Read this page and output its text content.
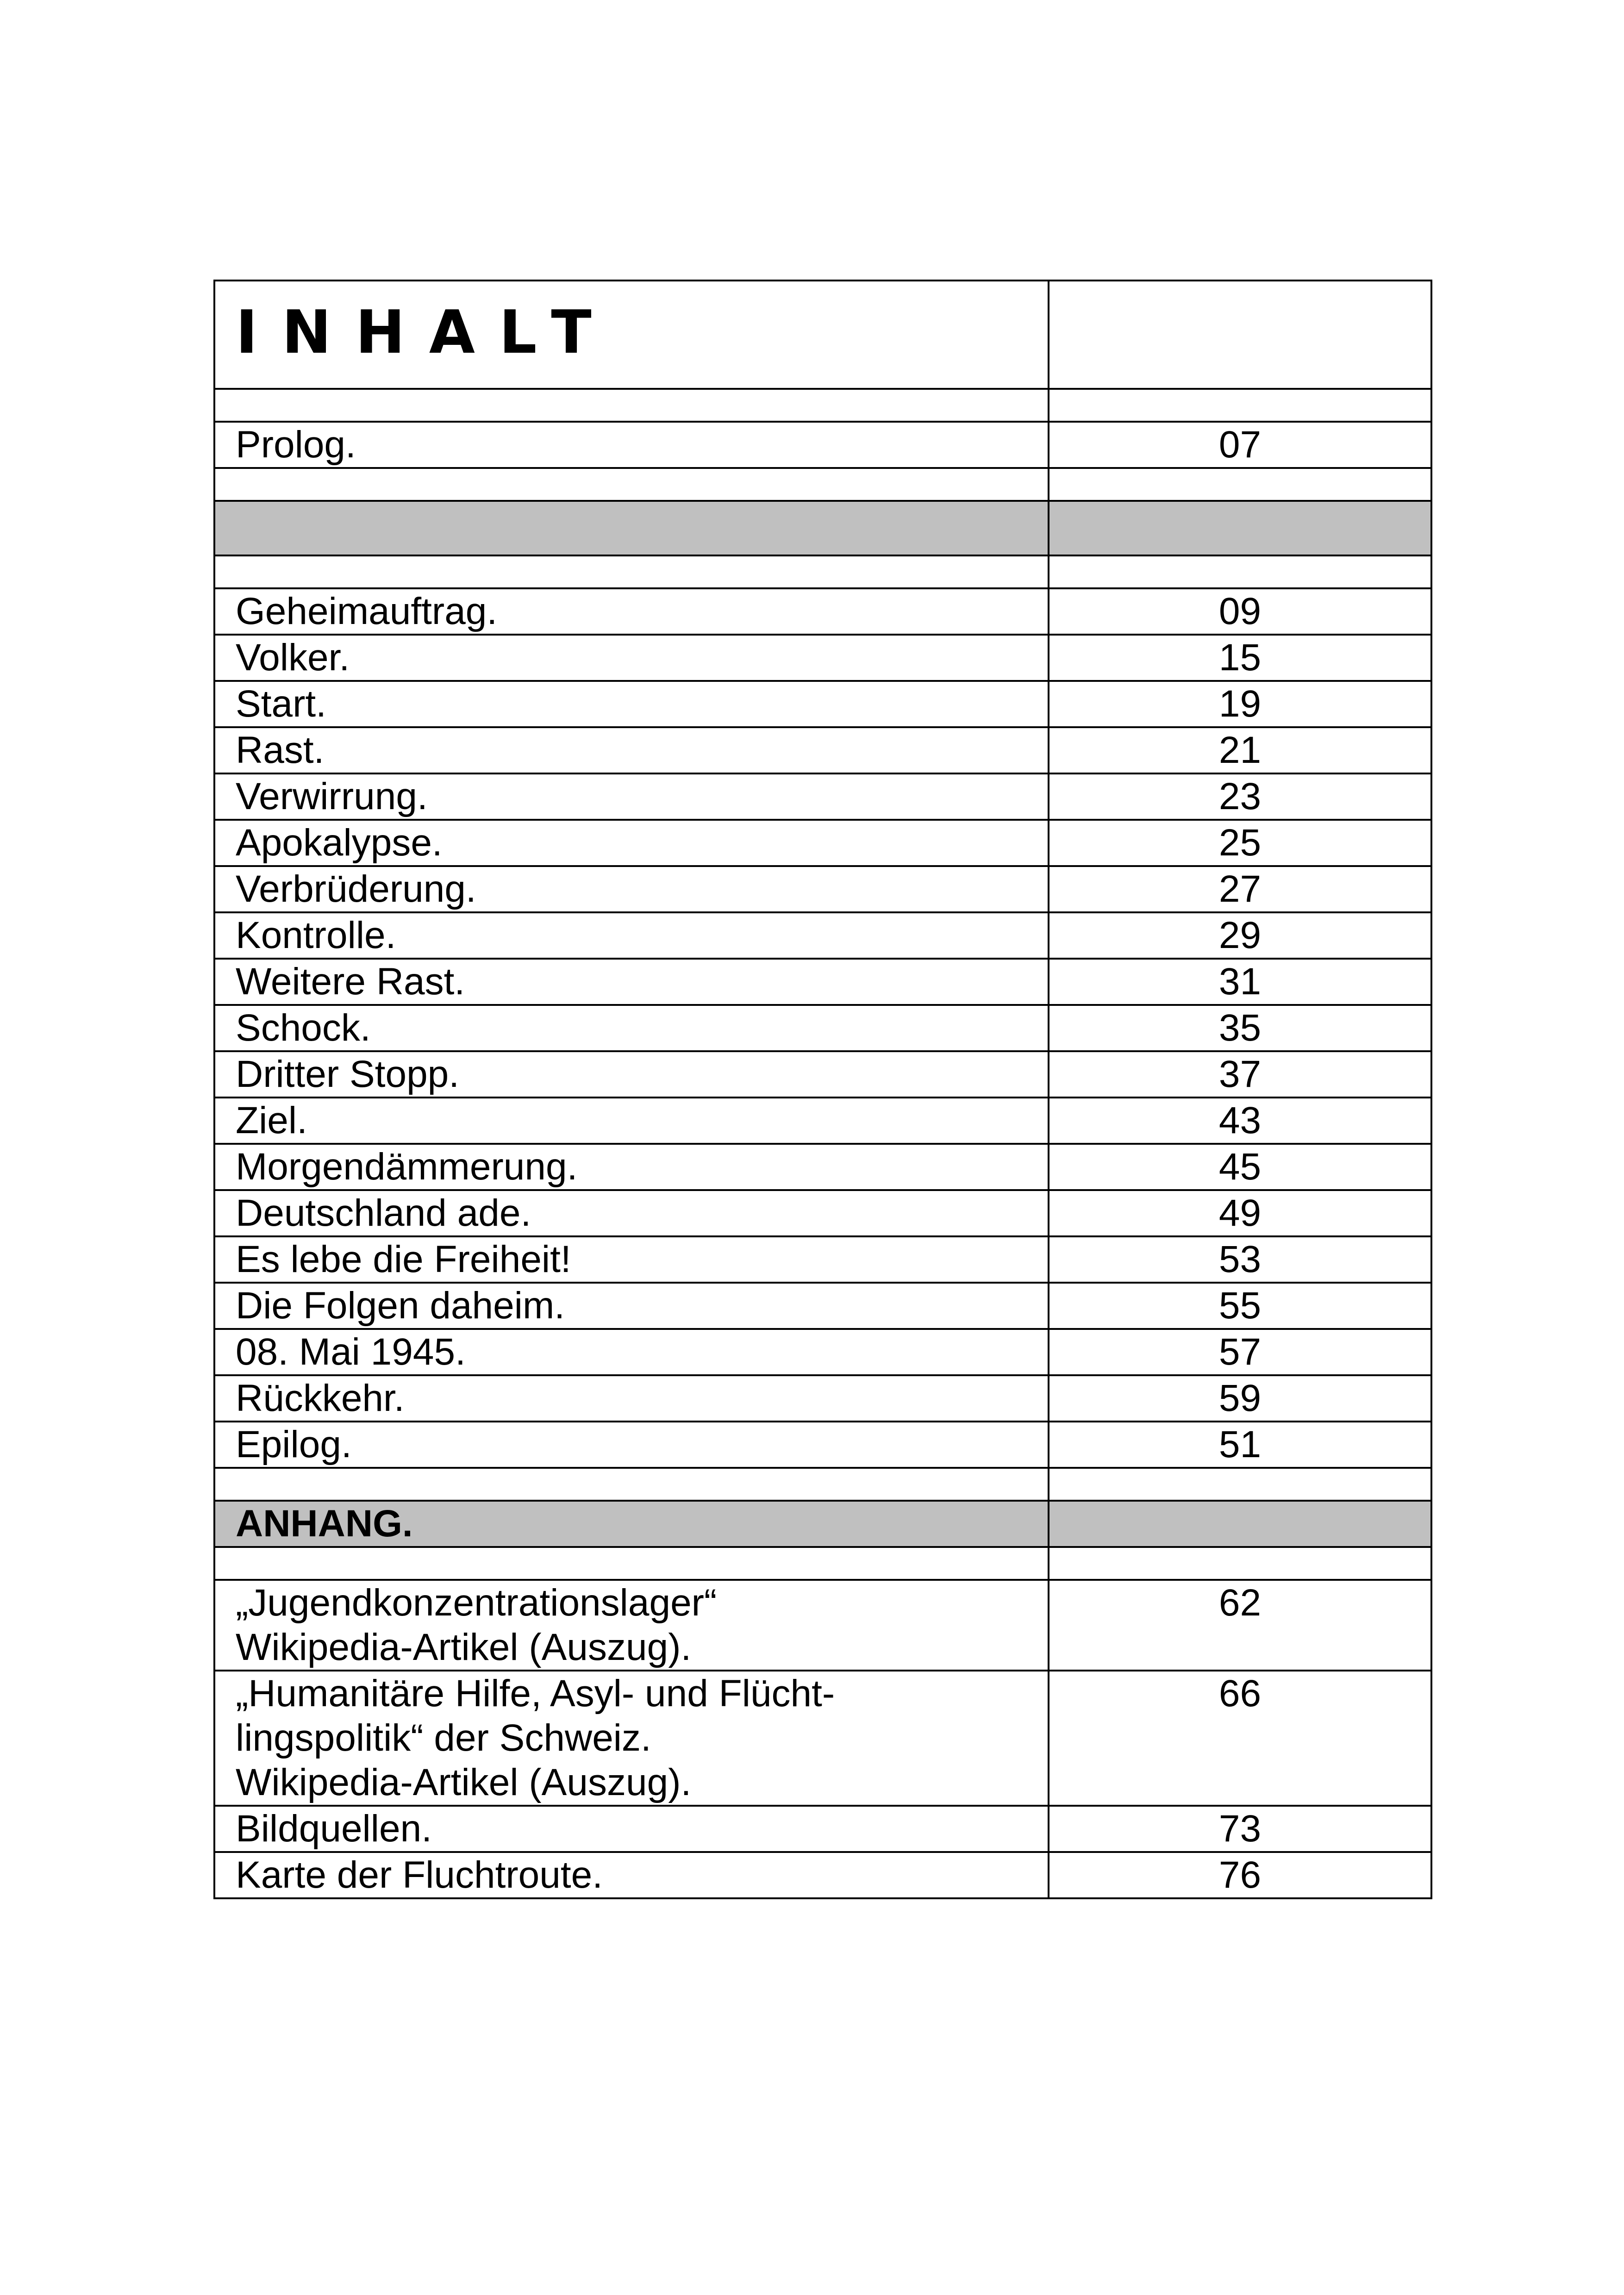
INHALT	

Prolog.	07

Geheimauftrag.	09
Volker.	15
Start.	19
Rast.	21
Verwirrung.	23
Apokalypse.	25
Verbrüderung.	27
Kontrolle.	29
Weitere Rast.	31
Schock.	35
Dritter Stopp.	37
Ziel.	43
Morgendämmerung.	45
Deutschland ade.	49
Es lebe die Freiheit!	53
Die Folgen daheim.	55
08. Mai 1945.	57
Rückkehr.	59
Epilog.	51

ANHANG.	

„Jugendkonzentrationslager“
Wikipedia-Artikel (Auszug).	62

„Humanitäre Hilfe, Asyl- und Flücht-
lingspolitik“ der Schweiz.
Wikipedia-Artikel (Auszug).	66

Bildquellen.	73

Karte der Fluchtroute.	76
